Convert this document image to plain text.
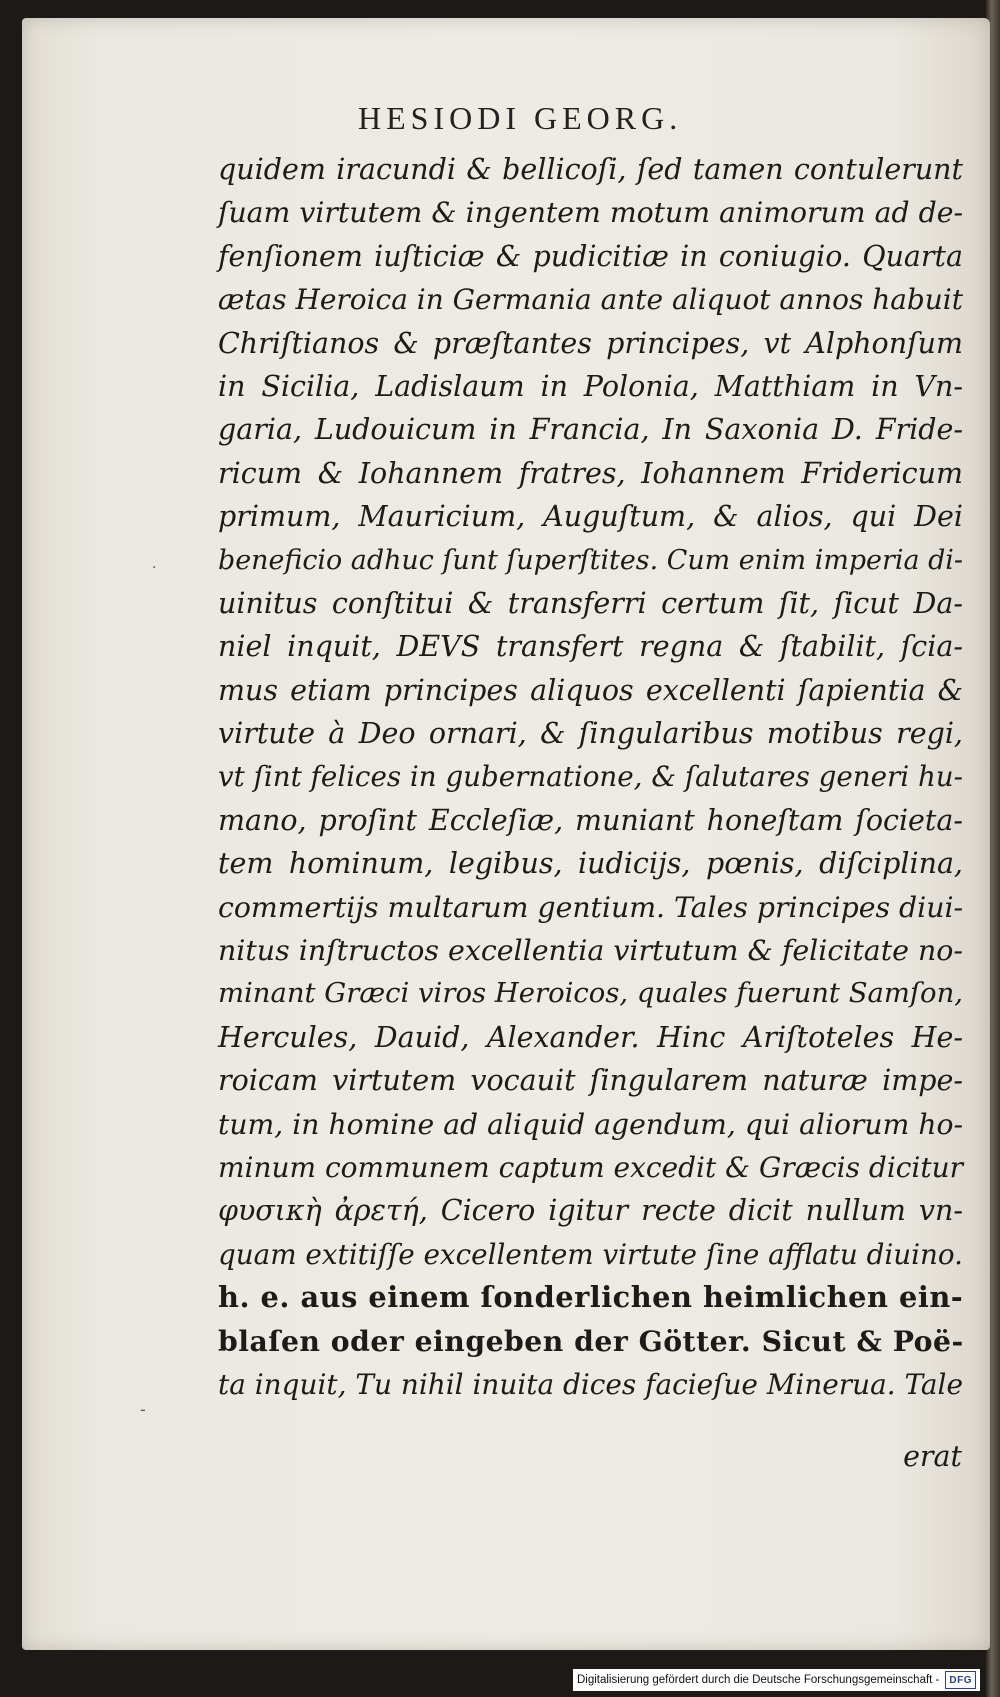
HESIODI GEORG.
quidem iracundi & bellicoſi, ſed tamen contulerunt
ſuam virtutem & ingentem motum animorum ad de-
fenſionem iuſticiæ & pudicitiæ in coniugio. Quarta
ætas Heroica in Germania ante aliquot annos habuit
Chriſtianos & præſtantes principes, vt Alphonſum
in Sicilia, Ladislaum in Polonia, Matthiam in Vn-
garia, Ludouicum in Francia, In Saxonia D. Fride-
ricum & Iohannem fratres, Iohannem Fridericum
primum, Mauricium, Auguſtum, & alios, qui Dei
beneficio adhuc ſunt ſuperſtites. Cum enim imperia di-
uinitus conſtitui & transferri certum ſit, ſicut Da-
niel inquit, DEVS transfert regna & ſtabilit, ſcia-
mus etiam principes aliquos excellenti ſapientia &
virtute à Deo ornari, & ſingularibus motibus regi,
vt ſint felices in gubernatione, & ſalutares generi hu-
mano, proſint Eccleſiæ, muniant honeſtam ſocieta-
tem hominum, legibus, iudicijs, pœnis, diſciplina,
commertijs multarum gentium. Tales principes diui-
nitus inſtructos excellentia virtutum & felicitate no-
minant Græci viros Heroicos, quales fuerunt Samſon,
Hercules, Dauid, Alexander. Hinc Ariſtoteles He-
roicam virtutem vocauit ſingularem naturæ impe-
tum, in homine ad aliquid agendum, qui aliorum ho-
minum communem captum excedit & Græcis dicitur
φυσικὴ ἀρετή, Cicero igitur recte dicit nullum vn-
quam extitiſſe excellentem virtute ſine afflatu diuino.
h. e. aus einem ſonderlichen heimlichen ein-
blaſen oder eingeben der Götter. Sicut & Poë-
ta inquit, Tu nihil inuita dices facieſue Minerua. Tale
erat
·
-
Digitalisierung gefördert durch die Deutsche Forschungsgemeinschaft -	DFG
